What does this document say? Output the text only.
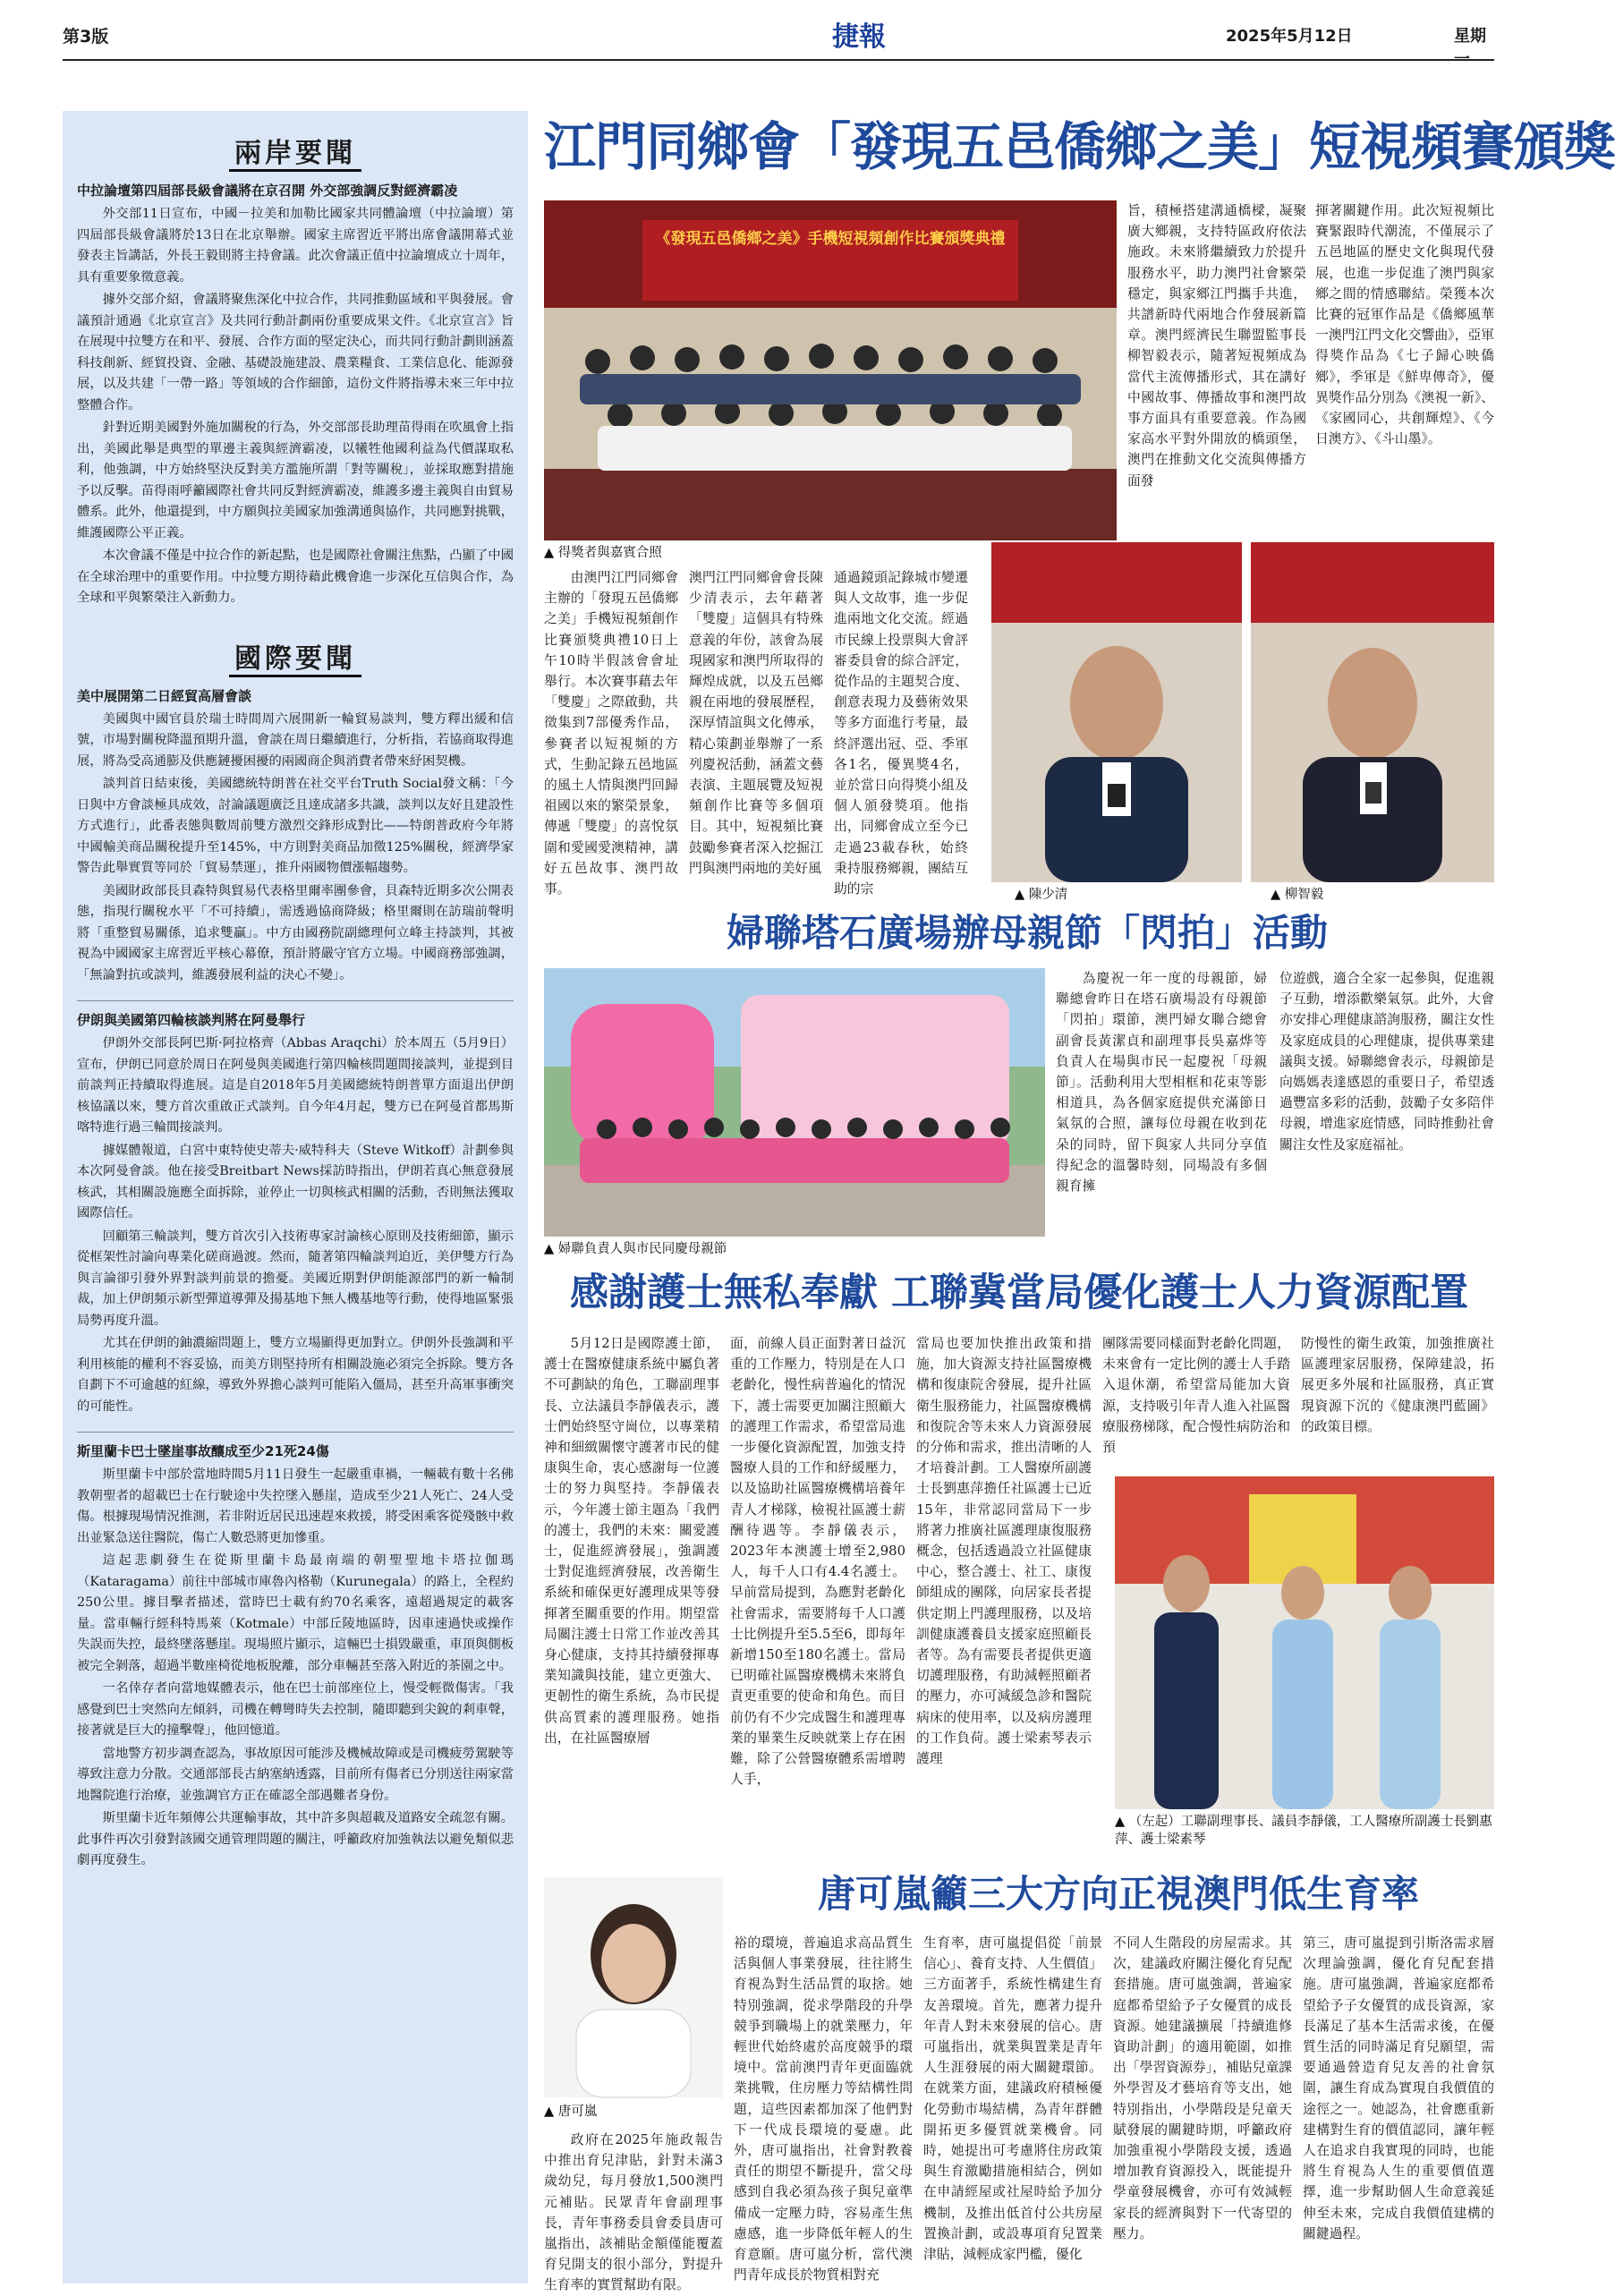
第3版	捷報	2025年5月12日	星期一
兩岸要聞
中拉論壇第四屆部長級會議將在京召開 外交部強調反對經濟霸凌

外交部11日宣布，中國－拉美和加勒比國家共同體論壇（中拉論壇）第四屆部長級會議將於13日在北京舉辦。國家主席習近平將出席會議開幕式並發表主旨講話，外長王毅則將主持會議。此次會議正值中拉論壇成立十周年，具有重要象徵意義。

據外交部介紹，會議將聚焦深化中拉合作，共同推動區域和平與發展。會議預計通過《北京宣言》及共同行動計劃兩份重要成果文件。《北京宣言》旨在展現中拉雙方在和平、發展、合作方面的堅定決心，而共同行動計劃則涵蓋科技創新、經貿投資、金融、基礎設施建設、農業糧食、工業信息化、能源發展，以及共建「一帶一路」等領域的合作細節，這份文件將指導未來三年中拉整體合作。

針對近期美國對外施加關稅的行為，外交部部長助理苗得雨在吹風會上指出，美國此舉是典型的單邊主義與經濟霸凌，以犧牲他國利益為代價謀取私利，他強調，中方始終堅決反對美方濫施所謂「對等關稅」，並採取應對措施予以反擊。苗得雨呼籲國際社會共同反對經濟霸凌，維護多邊主義與自由貿易體系。此外，他還提到，中方願與拉美國家加強溝通與協作，共同應對挑戰，維護國際公平正義。

本次會議不僅是中拉合作的新起點，也是國際社會關注焦點，凸顯了中國在全球治理中的重要作用。中拉雙方期待藉此機會進一步深化互信與合作，為全球和平與繁榮注入新動力。

國際要聞
美中展開第二日經貿高層會談

美國與中國官員於瑞士時間周六展開新一輪貿易談判，雙方釋出緩和信號，市場對關稅降溫預期升溫，會談在周日繼續進行，分析指，若協商取得進展，將為受高通膨及供應鏈擾困擾的兩國商企與消費者帶來紓困契機。

談判首日結束後，美國總統特朗普在社交平台Truth Social發文稱：「今日與中方會談極具成效，討論議題廣泛且達成諸多共識，談判以友好且建設性方式進行」，此番表態與數周前雙方激烈交鋒形成對比——特朗普政府今年將中國輸美商品關稅提升至145%，中方則對美商品加徵125%關稅，經濟學家警告此舉實質等同於「貿易禁運」，推升兩國物價漲幅趨勢。

美國財政部長貝森特與貿易代表格里爾率團參會，貝森特近期多次公開表態，指現行關稅水平「不可持續」，需透過協商降級；格里爾則在訪瑞前聲明將「重整貿易關係，追求雙贏」。中方由國務院副總理何立峰主持談判，其被視為中國國家主席習近平核心幕僚，預計將嚴守官方立場。中國商務部強調，「無論對抗或談判，維護發展利益的決心不變」。

伊朗與美國第四輪核談判將在阿曼舉行

伊朗外交部長阿巴斯·阿拉格齊（Abbas Araqchi）於本周五（5月9日）宣布，伊朗已同意於周日在阿曼與美國進行第四輪核問題間接談判，並提到目前談判正持續取得進展。這是自2018年5月美國總統特朗普單方面退出伊朗核協議以來，雙方首次重啟正式談判。自今年4月起，雙方已在阿曼首都馬斯喀特進行過三輪間接談判。

據媒體報道，白宮中東特使史蒂夫·威特科夫（Steve Witkoff）計劃參與本次阿曼會談。他在接受Breitbart News採訪時指出，伊朗若真心無意發展核武，其相關設施應全面拆除，並停止一切與核武相關的活動，否則無法獲取國際信任。

回顧第三輪談判，雙方首次引入技術專家討論核心原則及技術細節，顯示從框架性討論向專業化磋商過渡。然而，隨著第四輪談判迫近，美伊雙方行為與言論卻引發外界對談判前景的擔憂。美國近期對伊朗能源部門的新一輪制裁，加上伊朗頻示新型彈道導彈及揚基地下無人機基地等行動，使得地區緊張局勢再度升溫。

尤其在伊朗的鈾濃縮問題上，雙方立場顯得更加對立。伊朗外長強調和平利用核能的權利不容妥協，而美方則堅持所有相關設施必須完全拆除。雙方各自劃下不可逾越的紅線，導致外界擔心談判可能陷入僵局，甚至升高軍事衝突的可能性。

斯里蘭卡巴士墜崖事故釀成至少21死24傷

斯里蘭卡中部於當地時間5月11日發生一起嚴重車禍，一輛載有數十名佛教朝聖者的超載巴士在行駛途中失控墜入懸崖，造成至少21人死亡、24人受傷。根據現場情況推測，若非附近居民迅速趕來救援，將受困乘客從殘骸中救出並緊急送往醫院，傷亡人數恐將更加慘重。

這起悲劇發生在從斯里蘭卡島最南端的朝聖聖地卡塔拉伽瑪（Kataragama）前往中部城市庫魯內格勒（Kurunegala）的路上，全程約250公里。據目擊者描述，當時巴士載有約70名乘客，遠超過規定的載客量。當車輛行經科特馬萊（Kotmale）中部丘陵地區時，因車速過快或操作失誤而失控，最終墜落懸崖。現場照片顯示，這輛巴士損毀嚴重，車頂與側板被完全剝落，超過半數座椅從地板脫離，部分車輛甚至落入附近的茶園之中。

一名倖存者向當地媒體表示，他在巴士前部座位上，慢受輕微傷害。「我感覺到巴士突然向左傾斜，司機在轉彎時失去控制，隨即聽到尖銳的剎車聲，接著就是巨大的撞擊聲」，他回憶道。

當地警方初步調查認為，事故原因可能涉及機械故障或是司機疲勞駕駛等導致注意力分散。交通部部長古納塞納透露，目前所有傷者已分別送往兩家當地醫院進行治療，並強調官方正在確認全部遇難者身份。

斯里蘭卡近年頻傳公共運輸事故，其中許多與超載及道路安全疏忽有關。此事件再次引發對該國交通管理問題的關注，呼籲政府加強執法以避免類似悲劇再度發生。

江門同鄉會「發現五邑僑鄉之美」短視頻賽頒獎
《發現五邑僑鄉之美》手機短視頻創作比賽頒獎典禮
▲ 得獎者與嘉賓合照

由澳門江門同鄉會主辦的「發現五邑僑鄉之美」手機短視頻創作比賽頒獎典禮10日上午10時半假該會會址舉行。本次賽事藉去年「雙慶」之際啟動，共徵集到7部優秀作品，參賽者以短視頻的方式，生動記錄五邑地區的風土人情與澳門回歸祖國以來的繁榮景象，傳遞「雙慶」的喜悅氛圍和愛國愛澳精神，講好五邑故事、澳門故事。

澳門江門同鄉會會長陳少清表示，去年藉著「雙慶」這個具有特殊意義的年份，該會為展現國家和澳門所取得的輝煌成就，以及五邑鄉親在兩地的發展歷程，深厚情誼與文化傳承，精心策劃並舉辦了一系列慶祝活動，涵蓋文藝表演、主題展覽及短視頻創作比賽等多個項目。其中，短視頻比賽鼓勵參賽者深入挖掘江門與澳門兩地的美好風

通過鏡頭記錄城市變遷與人文故事，進一步促進兩地文化交流。經過市民線上投票與大會評審委員會的綜合評定，從作品的主題契合度、創意表現力及藝術效果等多方面進行考量，最終評選出冠、亞、季軍各1名，優異獎4名，並於當日向得獎小組及個人頒發獎項。他指出，同鄉會成立至今已走過23載春秋，始終秉持服務鄉親，團結互助的宗

旨，積極搭建溝通橋樑，凝聚廣大鄉親，支持特區政府依法施政。未來將繼續致力於提升服務水平，助力澳門社會繁榮穩定，與家鄉江門攜手共進，共譜新時代兩地合作發展新篇章。澳門經濟民生聯盟監事長柳智毅表示，隨著短視頻成為當代主流傳播形式，其在講好中國故事、傳播故事和澳門故事方面具有重要意義。作為國家高水平對外開放的橋頭堡，澳門在推動文化交流與傳播方面發

揮著關鍵作用。此次短視頻比賽緊跟時代潮流，不僅展示了五邑地區的歷史文化與現代發展，也進一步促進了澳門與家鄉之間的情感聯結。榮獲本次比賽的冠軍作品是《僑鄉風華一澳門江門文化交響曲》，亞軍得獎作品為《七子歸心映僑鄉》，季軍是《鮮卑傳奇》，優異獎作品分別為《澳視一新》、《家國同心，共創輝煌》、《今日澳方》、《斗山墨》。

▲ 陳少清	▲ 柳智毅
婦聯塔石廣場辦母親節「閃拍」活動
▲ 婦聯負責人與市民同慶母親節

為慶祝一年一度的母親節，婦聯總會昨日在塔石廣場設有母親節「閃拍」環節，澳門婦女聯合總會副會長黃潔貞和副理事長吳嘉烨等負責人在場與市民一起慶祝「母親節」。活動利用大型相框和花束等影相道具，為各個家庭提供充滿節日氣氛的合照，讓每位母親在收到花朵的同時，留下與家人共同分享值得紀念的溫馨時刻，同場設有多個親育擁

位遊戲，適合全家一起參與，促進親子互動，增添歡樂氣氛。此外，大會亦安排心理健康諮詢服務，關注女性及家庭成員的心理健康，提供專業建議與支援。婦聯總會表示，母親節是向媽媽表達感恩的重要日子，希望透過豐富多彩的活動，鼓勵子女多陪伴母親，增進家庭情感，同時推動社會關注女性及家庭福祉。

感謝護士無私奉獻 工聯冀當局優化護士人力資源配置

5月12日是國際護士節，護士在醫療健康系統中屬負著不可劃缺的角色，工聯副理事長、立法議員李靜儀表示，護士們始終堅守崗位，以專業精神和細緻關懷守護著市民的健康與生命，衷心感謝每一位護士的努力與堅持。李靜儀表示，今年護士節主題為「我們的護士，我們的未來：關愛護士，促進經濟發展」，強調護士對促進經濟發展，改善衛生系統和確保更好護理成果等發揮著至關重要的作用。期望當局關注護士日常工作並改善其身心健康，支持其持續發揮專業知識與技能，建立更強大、更韌性的衛生系統，為市民提供高質素的護理服務。她指出，在社區醫療層

面，前線人員正面對著日益沉重的工作壓力，特別是在人口老齡化，慢性病普遍化的情況下，護士需要更加關注照顧大的護理工作需求，希望當局進一步優化資源配置，加強支持醫療人員的工作和紓緩壓力，以及協助社區醫療機構培養年青人才梯隊，檢視社區護士薪酬待遇等。李靜儀表示，2023年本澳護士增至2,980人，每千人口有4.4名護士。早前當局提到，為應對老齡化社會需求，需要將每千人口護士比例提升至5.5至6，即每年新增150至180名護士。當局已明確社區醫療機構未來將負責更重要的使命和角色。而目前仍有不少完成醫生和護理專業的畢業生反映就業上存在困難，除了公營醫療體系需增聘人手，

當局也要加快推出政策和措施，加大資源支持社區醫療機構和復康院舍發展，提升社區衛生服務能力，社區醫療機構和復院舍等未來人力資源發展的分佈和需求，推出清晰的人才培養計劃。工人醫療所副護士長劉惠萍擔任社區護士已近15年，非常認同當局下一步將著力推廣社區護理康復服務概念，包括透過設立社區健康中心，整合護士、社工、康復師組成的團隊，向居家長者提供定期上門護理服務，以及培訓健康護養員支援家庭照顧長者等。為有需要長者提供更適切護理服務，有助減輕照顧者的壓力，亦可減緩急診和醫院病床的使用率，以及病房護理的工作負荷。護士梁素琴表示護理

團隊需要同樣面對老齡化問題，未來會有一定比例的護士人手踏入退休潮，希望當局能加大資源，支持吸引年青人進入社區醫療服務梯隊，配合慢性病防治和預

防慢性的衛生政策，加強推廣社區護理家居服務，保障建設，拓展更多外展和社區服務，真正實現資源下沉的《健康澳門藍圖》的政策目標。

▲ （左起）工聯副理事長、議員李靜儀，工人醫療所副護士長劉惠萍、護士梁素琴
唐可嵐籲三大方向正視澳門低生育率
▲ 唐可嵐

裕的環境，普遍追求高品質生活與個人事業發展，往往將生育視為對生活品質的取捨。她特別強調，從求學階段的升學競爭到職場上的就業壓力，年輕世代始終處於高度競爭的環境中。當前澳門青年更面臨就業挑戰，住房壓力等結構性問題，這些因素都加深了他們對下一代成長環境的憂慮。此外，唐可嵐指出，社會對教養責任的期望不斷提升，當父母感到自我必須為孩子與兒童準備成一定壓力時，容易產生焦慮感，進一步降低年輕人的生育意願。唐可嵐分析，當代澳門青年成長於物質相對充

政府在2025年施政報告中推出育兒津貼，針對未滿3歲幼兒，每月發放1,500澳門元補貼。民眾青年會副理事長，青年事務委員會委員唐可嵐指出，該補貼金額僅能覆蓋育兒開支的很小部分，對提升生育率的實質幫助有限。

生育率，唐可嵐提倡從「前景信心」、養育支持、人生價值」三方面著手，系統性構建生育友善環境。首先，應著力提升年青人對未來發展的信心。唐可嵐指出，就業與置業是青年人生涯發展的兩大關鍵環節。在就業方面，建議政府積極優化勞動市場結構，為青年群體開拓更多優質就業機會。同時，她提出可考慮將住房政策與生育激勵措施相結合，例如在申請經屋或社屋時給予加分機制，及推出低首付公共房屋置換計劃，或設專項育兒置業津貼，減輕成家門檻，優化

不同人生階段的房屋需求。其次，建議政府關注優化育兒配套措施。唐可嵐強調，普遍家庭都希望給予子女優質的成長資源。她建議擴展「持續進修資助計劃」的適用範圍，如推出「學習資源券」，補貼兒童課外學習及才藝培育等支出，她特別指出，小學階段是兒童天賦發展的關鍵時期，呼籲政府加強重視小學階段支援，透過增加教育資源投入，既能提升學童發展機會，亦可有效減輕家長的經濟與對下一代寄望的壓力。

第三，唐可嵐提到引斯洛需求層次理論強調，優化育兒配套措施。唐可嵐強調，普遍家庭都希望給予子女優質的成長資源，家長滿足了基本生活需求後，在優質生活的同時滿足育兒願望，需要通過營造育兒友善的社會氛圍，讓生育成為實現自我價值的途徑之一。她認為，社會應重新建構對生育的價值認同，讓年輕人在追求自我實現的同時，也能將生育視為人生的重要價值選擇，進一步幫助個人生命意義延伸至未來，完成自我價值建構的關鍵過程。
